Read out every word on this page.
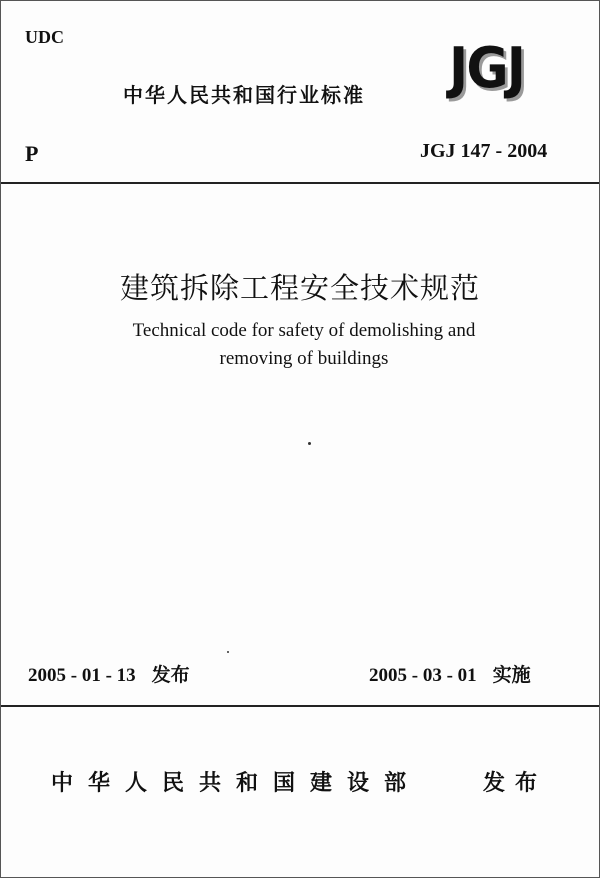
UDC
中华人民共和国行业标准 JGJ
P	JGJ 147 - 2004
建筑拆除工程安全技术规范
Technical code for safety of demolishing and
removing of buildings
2005 - 01 - 13 发布	2005 - 03 - 01 实施
中华人民共和国建设部	发布
